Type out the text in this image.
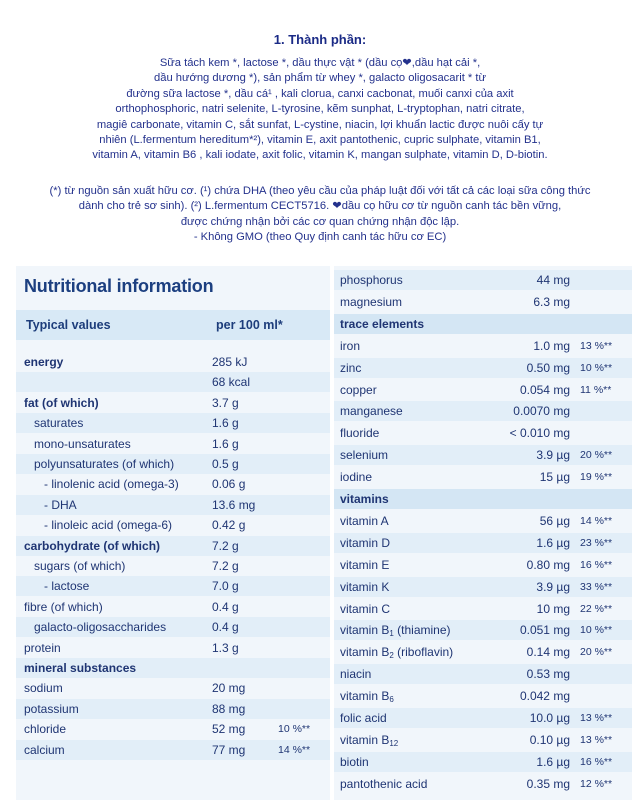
1. Thành phần:
Sữa tách kem *, lactose *, dầu thực vật * (dầu cọ❤,dầu hạt cải *,
dầu hướng dương *), sản phẩm từ whey *, galacto oligosacarit * từ
đường sữa lactose *, dầu cá¹ , kali clorua, canxi cacbonat, muối canxi của axit
orthophosphoric, natri selenite, L-tyrosine, kẽm sunphat, L-tryptophan, natri citrate,
magiê carbonate, vitamin C, sắt sunfat, L-cystine, niacin, lợi khuẩn lactic được nuôi cấy tự
nhiên (L.fermentum hereditum*²), vitamin E, axit pantothenic, cupric sulphate, vitamin B1,
vitamin A, vitamin B6 , kali iodate, axit folic, vitamin K, mangan sulphate, vitamin D, D-biotin.
(*) từ nguồn sản xuất hữu cơ. (¹) chứa DHA (theo yêu cầu của pháp luật đối với tất cả các loại sữa công thức
dành cho trẻ sơ sinh). (²) L.fermentum CECT5716. ❤dầu cọ hữu cơ từ nguồn canh tác bền vững,
được chứng nhận bởi các cơ quan chứng nhận độc lập.
- Không GMO (theo Quy định canh tác hữu cơ EC)
Nutritional information
Typical values	per 100 ml*
energy	285 kJ
68 kcal
fat (of which)	3.7 g
saturates	1.6 g
mono-unsaturates	1.6 g
polyunsaturates (of which)	0.5 g
- linolenic acid (omega-3)	0.06 g
- DHA	13.6 mg
- linoleic acid (omega-6)	0.42 g
carbohydrate (of which)	7.2 g
sugars (of which)	7.2 g
- lactose	7.0 g
fibre (of which)	0.4 g
galacto-oligosaccharides	0.4 g
protein	1.3 g
mineral substances
sodium	20 mg
potassium	88 mg
chloride	52 mg	10 %**
calcium	77 mg	14 %**
phosphorus	44 mg
magnesium	6.3 mg
trace elements
iron	1.0 mg 13 %**
zinc	0.50 mg 10 %**
copper	0.054 mg 11 %**
manganese	0.0070 mg
fluoride	< 0.010 mg
selenium	3.9 µg 20 %**
iodine	15 µg 19 %**
vitamins
vitamin A	56 µg 14 %**
vitamin D	1.6 µg 23 %**
vitamin E	0.80 mg 16 %**
vitamin K	3.9 µg 33 %**
vitamin C	10 mg 22 %**
vitamin $B_1$ (thiamine)	0.051 mg 10 %**
vitamin $B_2$ (riboflavin)	0.14 mg 20 %**
niacin	0.53 mg
vitamin $B_6$	0.042 mg
folic acid	10.0 µg 13 %**
vitamin $B_{12}$	0.10 µg 13 %**
biotin	1.6 µg 16 %**
pantothenic acid	0.35 mg 12 %**
